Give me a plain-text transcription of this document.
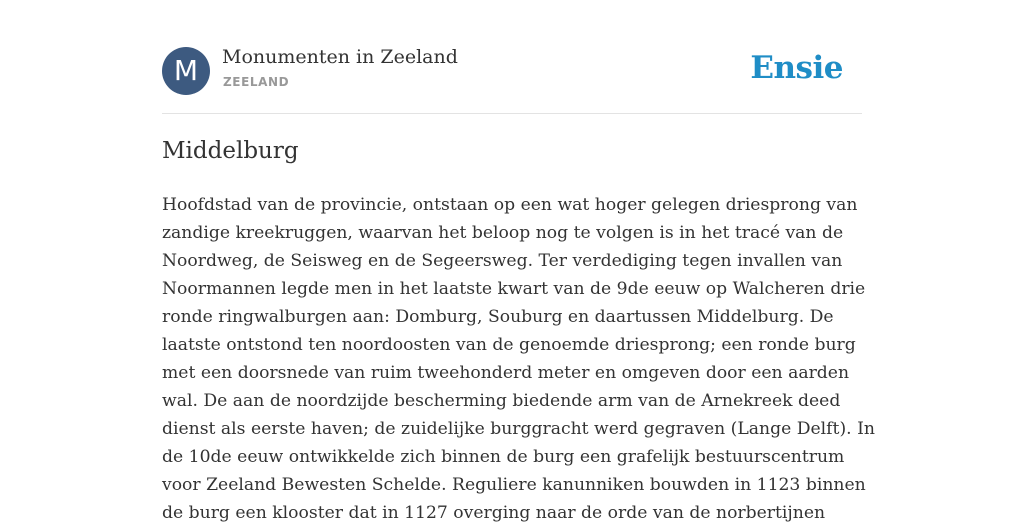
M	Monumenten in Zeeland
ZEELAND	Ensie
Middelburg

Hoofdstad van de provincie, ontstaan op een wat hoger gelegen driesprong van
zandige kreekruggen, waarvan het beloop nog te volgen is in het tracé van de
Noordweg, de Seisweg en de Segeersweg. Ter verdediging tegen invallen van
Noormannen legde men in het laatste kwart van de 9de eeuw op Walcheren drie
ronde ringwalburgen aan: Domburg, Souburg en daartussen Middelburg. De
laatste ontstond ten noordoosten van de genoemde driesprong; een ronde burg
met een doorsnede van ruim tweehonderd meter en omgeven door een aarden
wal. De aan de noordzijde bescherming biedende arm van de Arnekreek deed
dienst als eerste haven; de zuidelijke burggracht werd gegraven (Lange Delft). In
de 10de eeuw ontwikkelde zich binnen de burg een grafelijk bestuurscentrum
voor Zeeland Bewesten Schelde. Reguliere kanunniken bouwden in 1123 binnen
de burg een klooster dat in 1127 overging naar de orde van de norbertijnen
